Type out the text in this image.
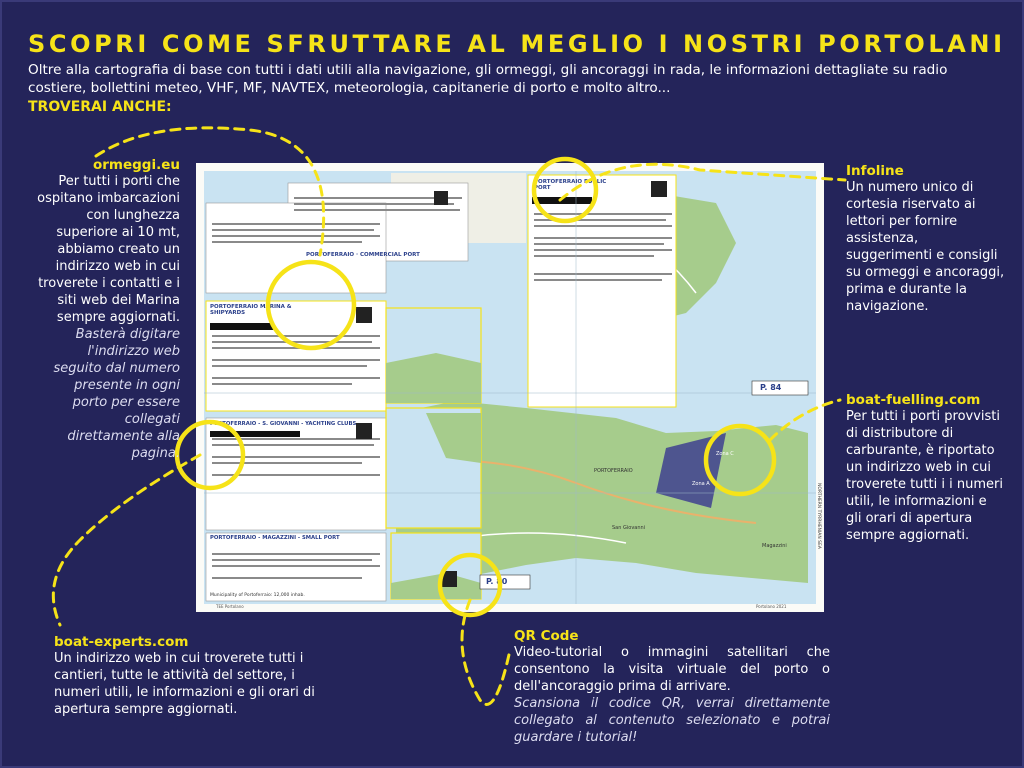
SCOPRI COME SFRUTTARE AL MEGLIO I NOSTRI PORTOLANI
Oltre alla cartografia di base con tutti i dati utili alla navigazione, gli ormeggi, gli ancoraggi in rada, le informazioni dettagliate su radio costiere, bollettini meteo, VHF, MF, NAVTEX, meteorologia, capitanerie di porto e molto altro...
TROVERAI ANCHE:
PORTOFERRAIO · COMMERCIAL PORT
PORTOFERRAIO MARINA & SHIPYARDS
PORTOFERRAIO PUBLIC PORT
PORTOFERRAIO - S. GIOVANNI - YACHTING CLUBS
PORTOFERRAIO - MAGAZZINI - SMALL PORT
P. 84
P. 80
PORTOFERRAIO
San Giovanni
Magazzini
Zona A
Zona C
NORTHERN TYRRHENIAN SEA
TEE Portolano	Portolano 2021
Municipality of Portoferraio: 12,000 inhab.
ormeggi.eu
Per tutti i porti che ospitano imbarcazioni con lunghezza superiore ai 10 mt, abbiamo creato un indirizzo web in cui troverete i contatti e i siti web dei Marina sempre aggiornati.
Basterà digitare l'indirizzo web seguito dal numero presente in ogni porto per essere collegati direttamente alla pagina.
Infoline
Un numero unico di cortesia riservato ai lettori per fornire assistenza, suggerimenti e consigli su ormeggi e ancoraggi, prima e durante la navigazione.
boat-fuelling.com
Per tutti i porti provvisti di distributore di carburante, è riportato un indirizzo web in cui troverete tutti i i numeri utili, le informazioni e gli orari di apertura sempre aggiornati.
boat-experts.com
Un indirizzo web in cui troverete tutti i cantieri, tutte le attività del settore, i numeri utili, le informazioni e gli orari di apertura sempre aggiornati.
QR Code
Video-tutorial o immagini satellitari che consentono la visita virtuale del porto o dell'ancoraggio prima di arrivare.
Scansiona il codice QR, verrai direttamente collegato al contenuto selezionato e potrai guardare i tutorial!
